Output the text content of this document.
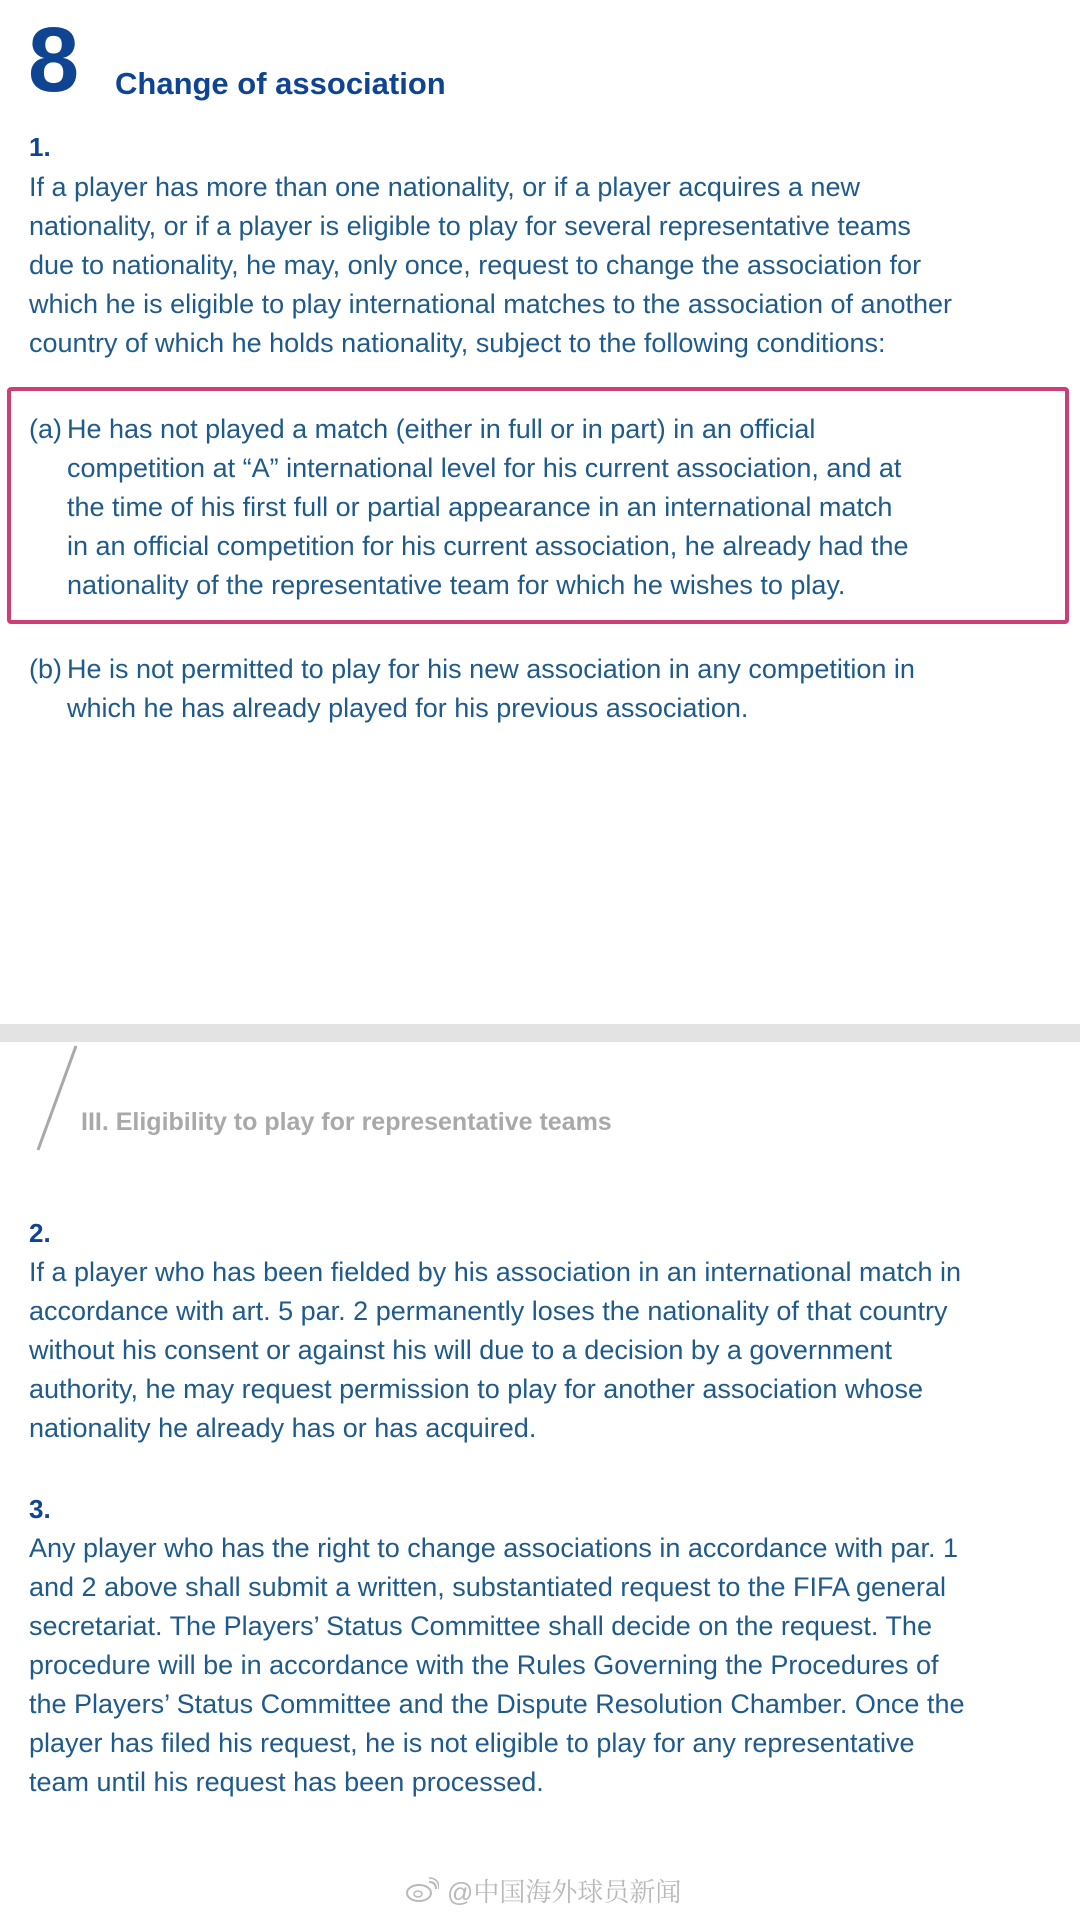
8 Change of association
1.
If a player has more than one nationality, or if a player acquires a new
nationality, or if a player is eligible to play for several representative teams
due to nationality, he may, only once, request to change the association for
which he is eligible to play international matches to the association of another
country of which he holds nationality, subject to the following conditions:
(a) He has not played a match (either in full or in part) in an official
competition at “A” international level for his current association, and at
the time of his first full or partial appearance in an international match
in an official competition for his current association, he already had the
nationality of the representative team for which he wishes to play.
(b) He is not permitted to play for his new association in any competition in
which he has already played for his previous association.
III. Eligibility to play for representative teams
2.
If a player who has been fielded by his association in an international match in
accordance with art. 5 par. 2 permanently loses the nationality of that country
without his consent or against his will due to a decision by a government
authority, he may request permission to play for another association whose
nationality he already has or has acquired.
3.
Any player who has the right to change associations in accordance with par. 1
and 2 above shall submit a written, substantiated request to the FIFA general
secretariat. The Players’ Status Committee shall decide on the request. The
procedure will be in accordance with the Rules Governing the Procedures of
the Players’ Status Committee and the Dispute Resolution Chamber. Once the
player has filed his request, he is not eligible to play for any representative
team until his request has been processed.
@中国海外球员新闻
